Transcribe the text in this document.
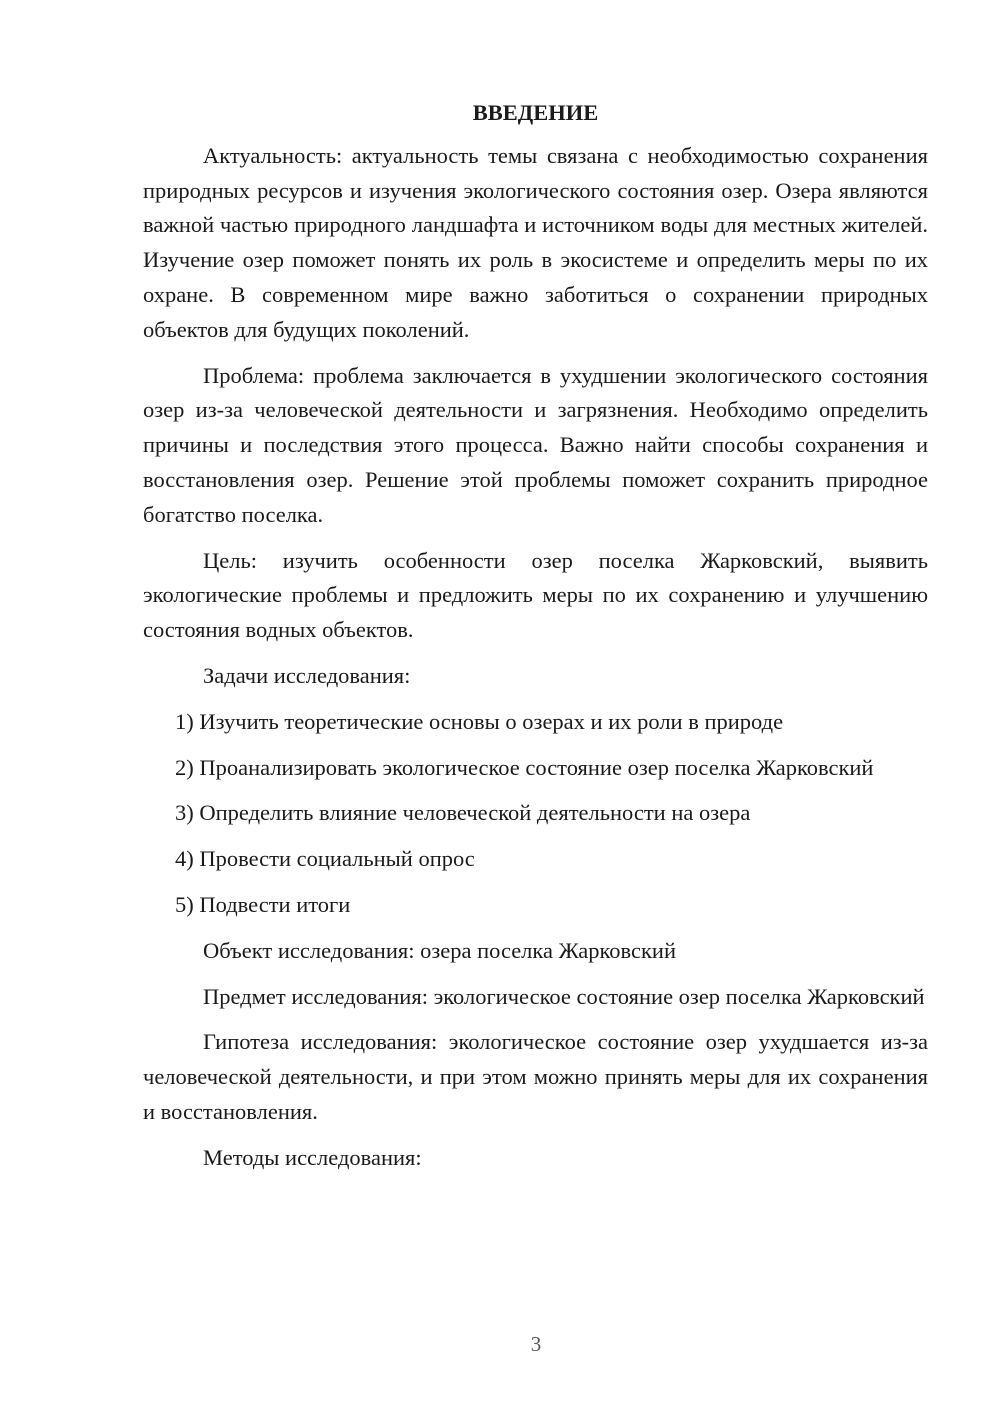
ВВЕДЕНИЕ

Актуальность: актуальность темы связана с необходимостью сохранения природных ресурсов и изучения экологического состояния озер. Озера являются важной частью природного ландшафта и источником воды для местных жителей. Изучение озер поможет понять их роль в экосистеме и определить меры по их охране. В современном мире важно заботиться о сохранении природных объектов для будущих поколений.

Проблема: проблема заключается в ухудшении экологического состояния озер из-за человеческой деятельности и загрязнения. Необходимо определить причины и последствия этого процесса. Важно найти способы сохранения и восстановления озер. Решение этой проблемы поможет сохранить природное богатство поселка.

Цель: изучить особенности озер поселка Жарковский, выявить экологические проблемы и предложить меры по их сохранению и улучшению состояния водных объектов.

Задачи исследования:

1) Изучить теоретические основы о озерах и их роли в природе

2) Проанализировать экологическое состояние озер поселка Жарковский

3) Определить влияние человеческой деятельности на озера

4) Провести социальный опрос

5) Подвести итоги

Объект исследования: озера поселка Жарковский

Предмет исследования: экологическое состояние озер поселка Жарковский

Гипотеза исследования: экологическое состояние озер ухудшается из-за человеческой деятельности, и при этом можно принять меры для их сохранения и восстановления.

Методы исследования:

3
